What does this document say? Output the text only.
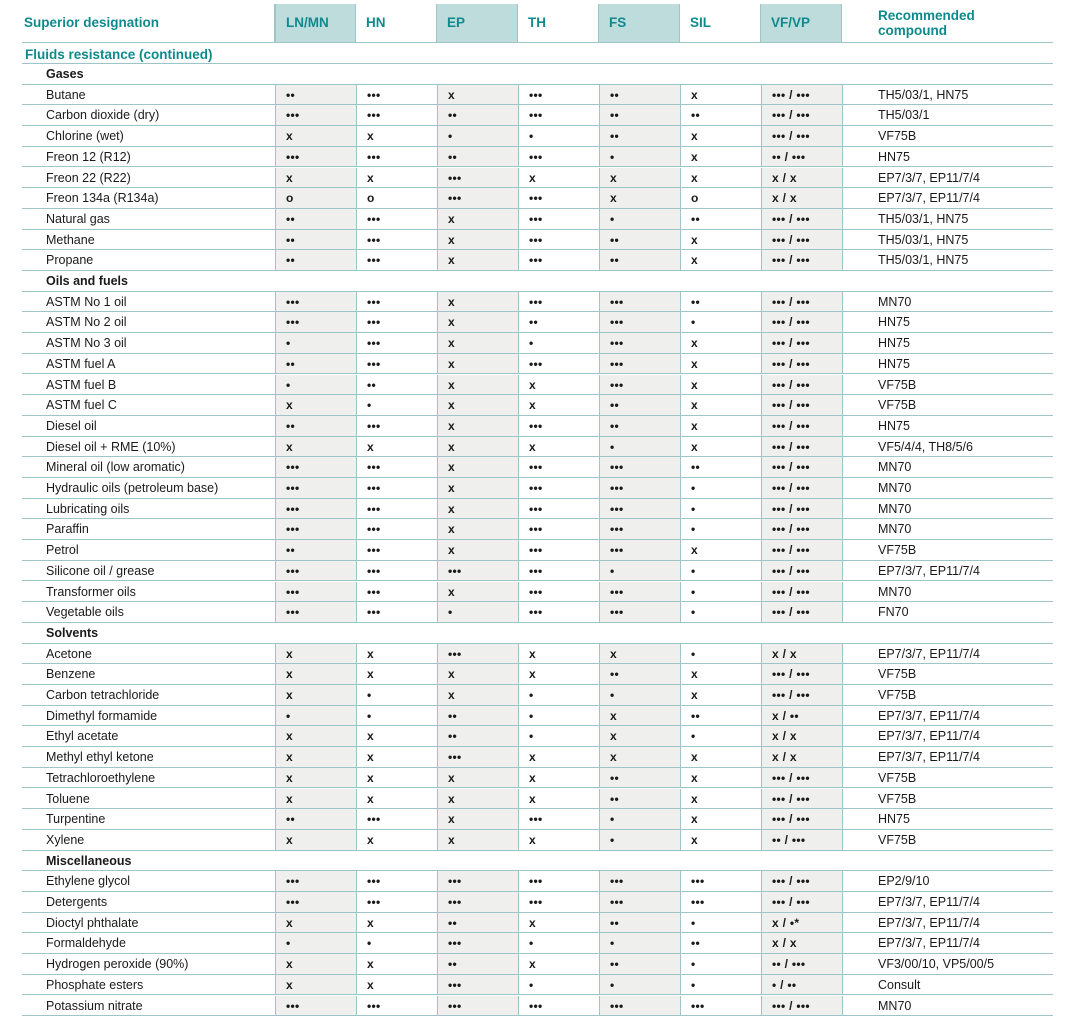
Superior designation	LN/MN	HN	EP	TH	FS	SIL	VF/VP	Recommended
compound
Fluids resistance (continued)
Gases
Butane	••	•••	x	•••	••	x	••• / •••	TH5/03/1, HN75
Carbon dioxide (dry)	•••	•••	••	•••	••	••	••• / •••	TH5/03/1
Chlorine (wet)	x	x	•	•	••	x	••• / •••	VF75B
Freon 12 (R12)	•••	•••	••	•••	•	x	•• / •••	HN75
Freon 22 (R22)	x	x	•••	x	x	x	x / x	EP7/3/7, EP11/7/4
Freon 134a (R134a)	o	o	•••	•••	x	o	x / x	EP7/3/7, EP11/7/4
Natural gas	••	•••	x	•••	•	••	••• / •••	TH5/03/1, HN75
Methane	••	•••	x	•••	••	x	••• / •••	TH5/03/1, HN75
Propane	••	•••	x	•••	••	x	••• / •••	TH5/03/1, HN75
Oils and fuels
ASTM No 1 oil	•••	•••	x	•••	•••	••	••• / •••	MN70
ASTM No 2 oil	•••	•••	x	••	•••	•	••• / •••	HN75
ASTM No 3 oil	•	•••	x	•	•••	x	••• / •••	HN75
ASTM fuel A	••	•••	x	•••	•••	x	••• / •••	HN75
ASTM fuel B	•	••	x	x	•••	x	••• / •••	VF75B
ASTM fuel C	x	•	x	x	••	x	••• / •••	VF75B
Diesel oil	••	•••	x	•••	••	x	••• / •••	HN75
Diesel oil + RME (10%)	x	x	x	x	•	x	••• / •••	VF5/4/4, TH8/5/6
Mineral oil (low aromatic)	•••	•••	x	•••	•••	••	••• / •••	MN70
Hydraulic oils (petroleum base)	•••	•••	x	•••	•••	•	••• / •••	MN70
Lubricating oils	•••	•••	x	•••	•••	•	••• / •••	MN70
Paraffin	•••	•••	x	•••	•••	•	••• / •••	MN70
Petrol	••	•••	x	•••	•••	x	••• / •••	VF75B
Silicone oil / grease	•••	•••	•••	•••	•	•	••• / •••	EP7/3/7, EP11/7/4
Transformer oils	•••	•••	x	•••	•••	•	••• / •••	MN70
Vegetable oils	•••	•••	•	•••	•••	•	••• / •••	FN70
Solvents
Acetone	x	x	•••	x	x	•	x / x	EP7/3/7, EP11/7/4
Benzene	x	x	x	x	••	x	••• / •••	VF75B
Carbon tetrachloride	x	•	x	•	•	x	••• / •••	VF75B
Dimethyl formamide	•	•	••	•	x	••	x / ••	EP7/3/7, EP11/7/4
Ethyl acetate	x	x	••	•	x	•	x / x	EP7/3/7, EP11/7/4
Methyl ethyl ketone	x	x	•••	x	x	x	x / x	EP7/3/7, EP11/7/4
Tetrachloroethylene	x	x	x	x	••	x	••• / •••	VF75B
Toluene	x	x	x	x	••	x	••• / •••	VF75B
Turpentine	••	•••	x	•••	•	x	••• / •••	HN75
Xylene	x	x	x	x	•	x	•• / •••	VF75B
Miscellaneous
Ethylene glycol	•••	•••	•••	•••	•••	•••	••• / •••	EP2/9/10
Detergents	•••	•••	•••	•••	•••	•••	••• / •••	EP7/3/7, EP11/7/4
Dioctyl phthalate	x	x	••	x	••	•	x / •*	EP7/3/7, EP11/7/4
Formaldehyde	•	•	•••	•	•	••	x / x	EP7/3/7, EP11/7/4
Hydrogen peroxide (90%)	x	x	••	x	••	•	•• / •••	VF3/00/10, VP5/00/5
Phosphate esters	x	x	•••	•	•	•	• / ••	Consult
Potassium nitrate	•••	•••	•••	•••	•••	•••	••• / •••	MN70
